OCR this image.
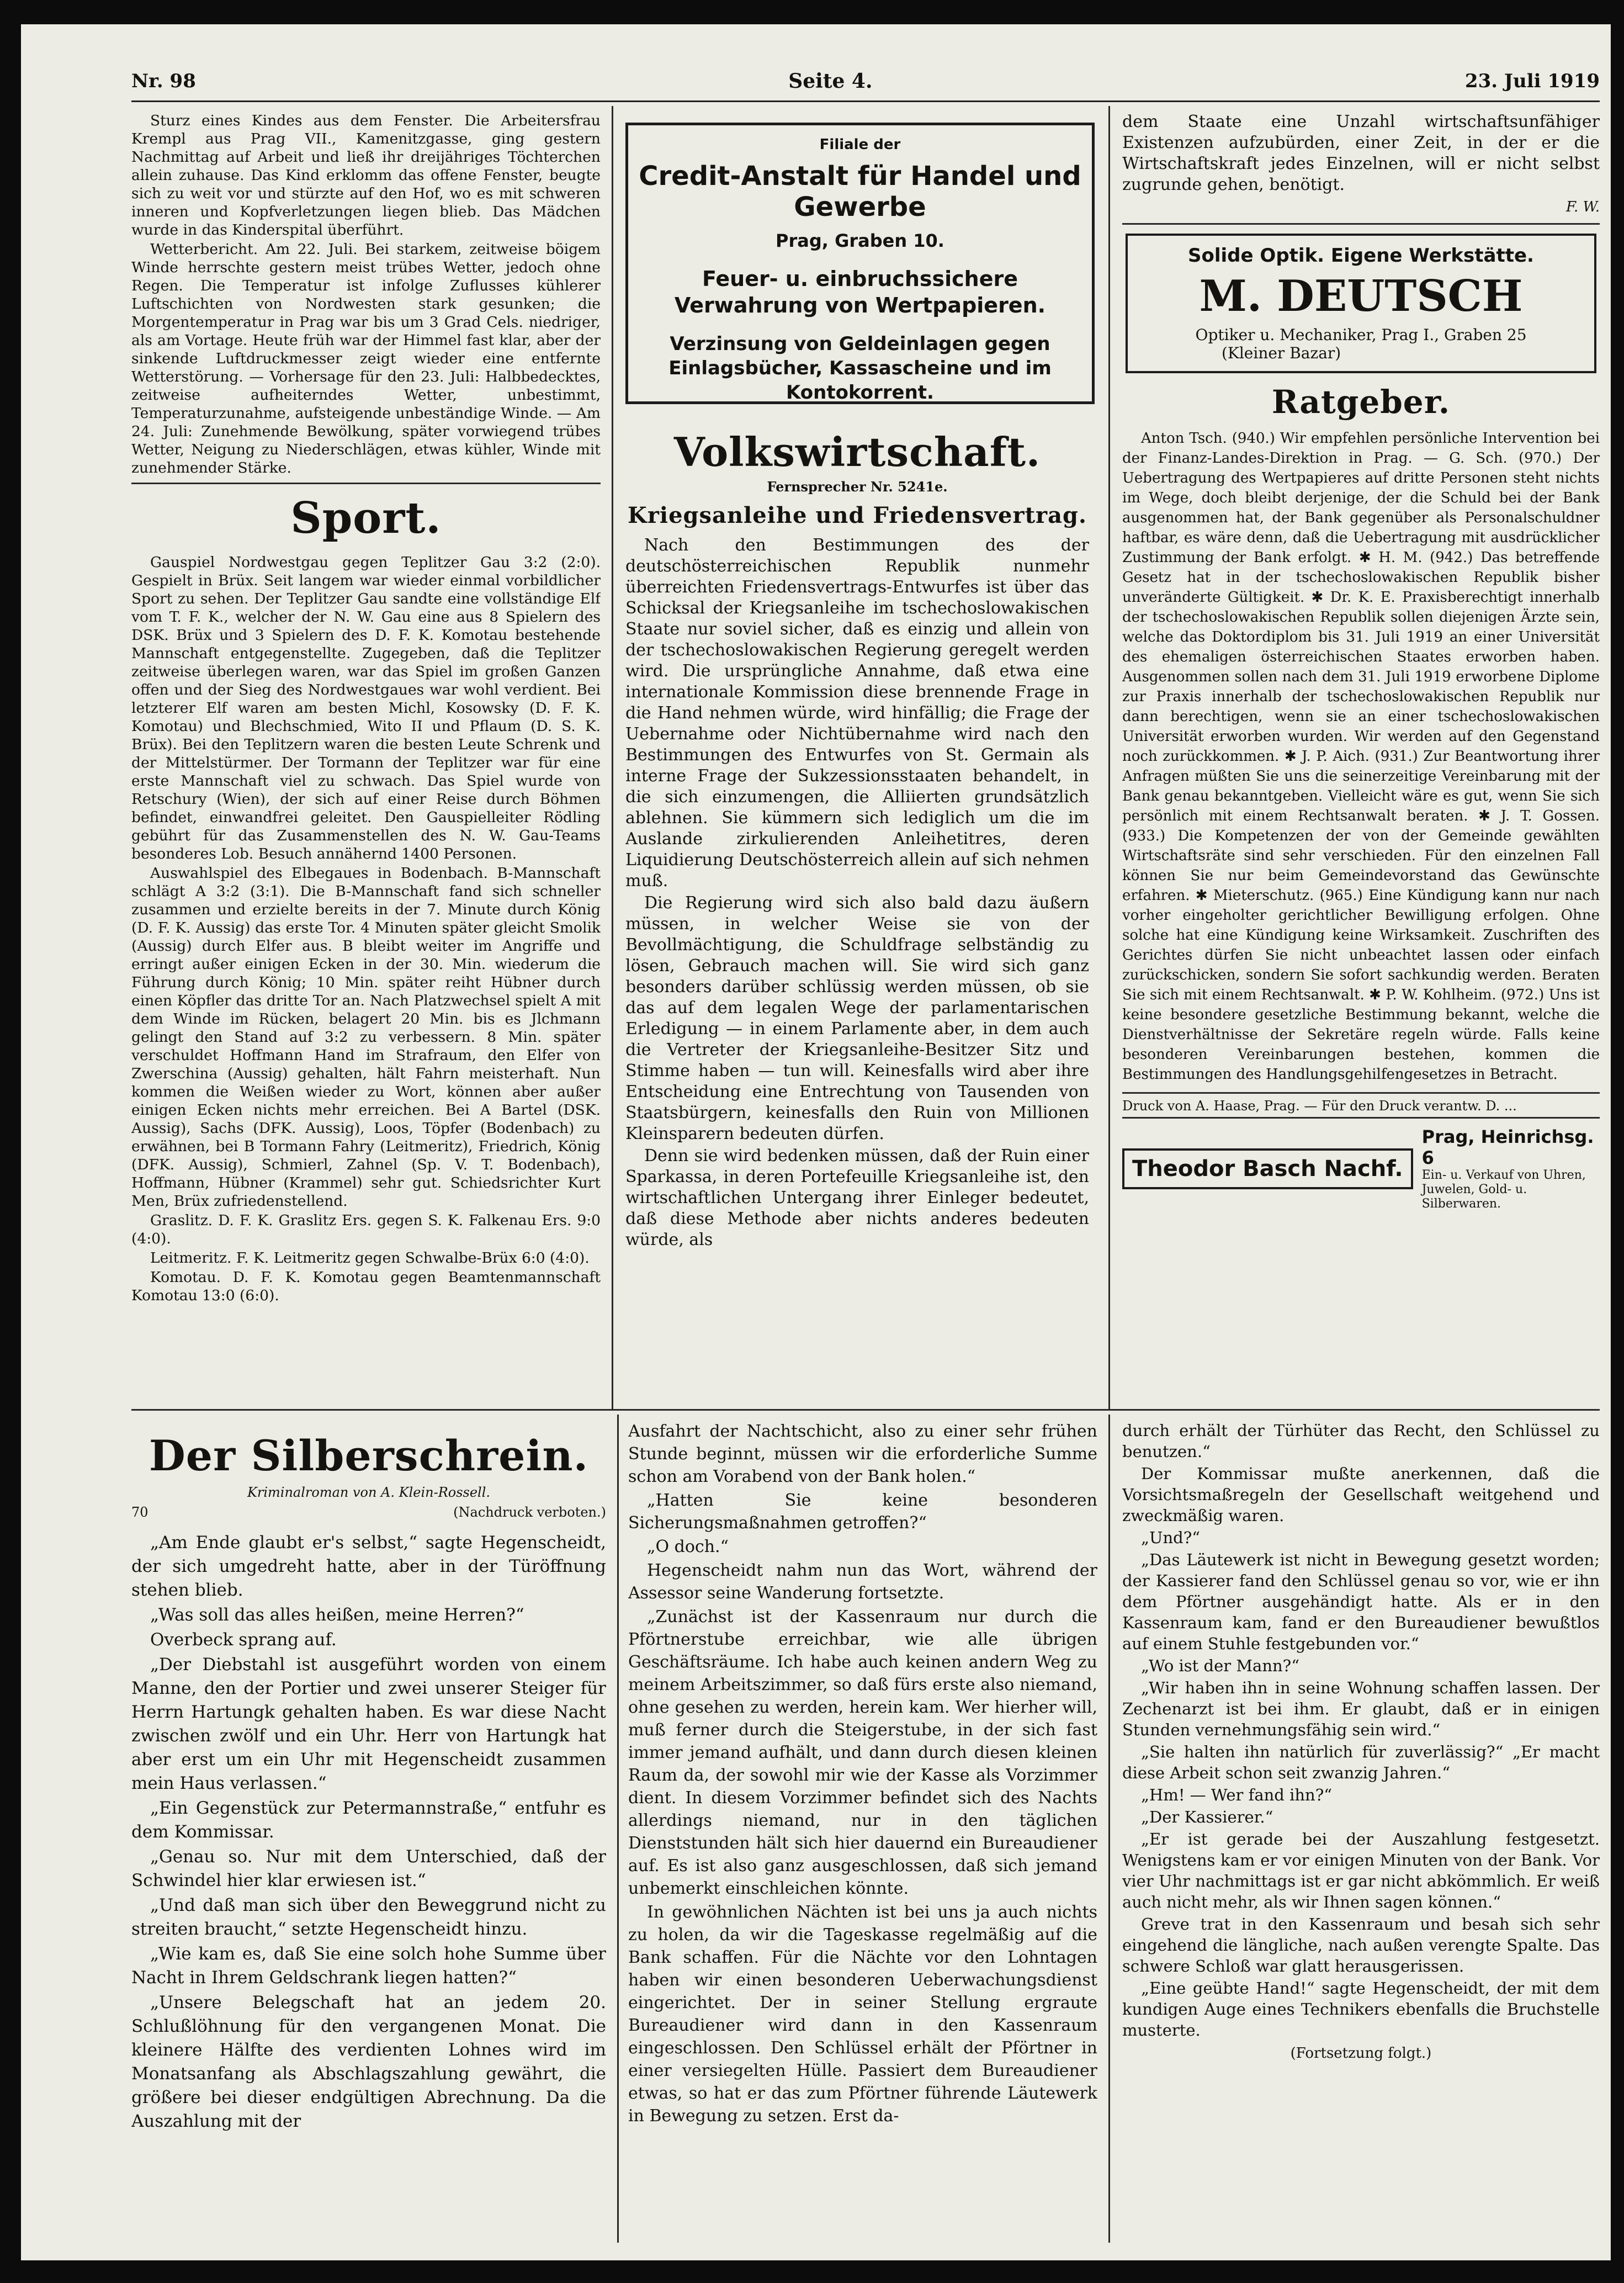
Nr. 98	Seite 4.	23. Juli 1919

Sturz eines Kindes aus dem Fenster. Die Arbeitersfrau Krempl aus Prag VII., Kamenitzgasse, ging gestern Nachmittag auf Arbeit und ließ ihr dreijähriges Töchterchen allein zuhause. Das Kind erklomm das offene Fenster, beugte sich zu weit vor und stürzte auf den Hof, wo es mit schweren inneren und Kopfverletzungen liegen blieb. Das Mädchen wurde in das Kinderspital überführt.

Wetterbericht. Am 22. Juli. Bei starkem, zeitweise böigem Winde herrschte gestern meist trübes Wetter, jedoch ohne Regen. Die Temperatur ist infolge Zuflusses kühlerer Luftschichten von Nordwesten stark gesunken; die Morgentemperatur in Prag war bis um 3 Grad Cels. niedriger, als am Vortage. Heute früh war der Himmel fast klar, aber der sinkende Luftdruckmesser zeigt wieder eine entfernte Wetterstörung. — Vorhersage für den 23. Juli: Halbbedecktes, zeitweise aufheiterndes Wetter, unbestimmt, Temperaturzunahme, aufsteigende unbeständige Winde. — Am 24. Juli: Zunehmende Bewölkung, später vorwiegend trübes Wetter, Neigung zu Niederschlägen, etwas kühler, Winde mit zunehmender Stärke.

Sport.

Gauspiel Nordwestgau gegen Teplitzer Gau 3:2 (2:0). Gespielt in Brüx. Seit langem war wieder einmal vorbildlicher Sport zu sehen. Der Teplitzer Gau sandte eine vollständige Elf vom T. F. K., welcher der N. W. Gau eine aus 8 Spielern des DSK. Brüx und 3 Spielern des D. F. K. Komotau bestehende Mannschaft entgegenstellte. Zugegeben, daß die Teplitzer zeitweise überlegen waren, war das Spiel im großen Ganzen offen und der Sieg des Nordwestgaues war wohl verdient. Bei letzterer Elf waren am besten Michl, Kosowsky (D. F. K. Komotau) und Blechschmied, Wito II und Pflaum (D. S. K. Brüx). Bei den Teplitzern waren die besten Leute Schrenk und der Mittelstürmer. Der Tormann der Teplitzer war für eine erste Mannschaft viel zu schwach. Das Spiel wurde von Retschury (Wien), der sich auf einer Reise durch Böhmen befindet, einwandfrei geleitet. Den Gauspielleiter Rödling gebührt für das Zusammenstellen des N. W. Gau-Teams besonderes Lob. Besuch annähernd 1400 Personen.

Auswahlspiel des Elbegaues in Bodenbach. B-Mannschaft schlägt A 3:2 (3:1). Die B-Mannschaft fand sich schneller zusammen und erzielte bereits in der 7. Minute durch König (D. F. K. Aussig) das erste Tor. 4 Minuten später gleicht Smolik (Aussig) durch Elfer aus. B bleibt weiter im Angriffe und erringt außer einigen Ecken in der 30. Min. wiederum die Führung durch König; 10 Min. später reiht Hübner durch einen Köpfler das dritte Tor an. Nach Platzwechsel spielt A mit dem Winde im Rücken, belagert 20 Min. bis es Jlchmann gelingt den Stand auf 3:2 zu verbessern. 8 Min. später verschuldet Hoffmann Hand im Strafraum, den Elfer von Zwerschina (Aussig) gehalten, hält Fahrn meisterhaft. Nun kommen die Weißen wieder zu Wort, können aber außer einigen Ecken nichts mehr erreichen. Bei A Bartel (DSK. Aussig), Sachs (DFK. Aussig), Loos, Töpfer (Bodenbach) zu erwähnen, bei B Tormann Fahry (Leitmeritz), Friedrich, König (DFK. Aussig), Schmierl, Zahnel (Sp. V. T. Bodenbach), Hoffmann, Hübner (Krammel) sehr gut. Schiedsrichter Kurt Men, Brüx zufriedenstellend.

Graslitz. D. F. K. Graslitz Ers. gegen S. K. Falkenau Ers. 9:0 (4:0).

Leitmeritz. F. K. Leitmeritz gegen Schwalbe-Brüx 6:0 (4:0).

Komotau. D. F. K. Komotau gegen Beamtenmannschaft Komotau 13:0 (6:0).

Filiale der
Credit-Anstalt für Handel und Gewerbe
Prag, Graben 10.
Feuer- u. einbruchssichere Verwahrung von Wertpapieren.
Verzinsung von Geldeinlagen gegen Einlagsbücher, Kassascheine und im Kontokorrent.
Volkswirtschaft.
Fernsprecher Nr. 5241e.
Kriegsanleihe und Friedensvertrag.

Nach den Bestimmungen des der deutschösterreichischen Republik nunmehr überreichten Friedensvertrags-Entwurfes ist über das Schicksal der Kriegsanleihe im tschechoslowakischen Staate nur soviel sicher, daß es einzig und allein von der tschechoslowakischen Regierung geregelt werden wird. Die ursprüngliche Annahme, daß etwa eine internationale Kommission diese brennende Frage in die Hand nehmen würde, wird hinfällig; die Frage der Uebernahme oder Nichtübernahme wird nach den Bestimmungen des Entwurfes von St. Germain als interne Frage der Sukzessionsstaaten behandelt, in die sich einzumengen, die Alliierten grundsätzlich ablehnen. Sie kümmern sich lediglich um die im Auslande zirkulierenden Anleihetitres, deren Liquidierung Deutschösterreich allein auf sich nehmen muß.

Die Regierung wird sich also bald dazu äußern müssen, in welcher Weise sie von der Bevollmächtigung, die Schuldfrage selbständig zu lösen, Gebrauch machen will. Sie wird sich ganz besonders darüber schlüssig werden müssen, ob sie das auf dem legalen Wege der parlamentarischen Erledigung — in einem Parlamente aber, in dem auch die Vertreter der Kriegsanleihe-Besitzer Sitz und Stimme haben — tun will. Keinesfalls wird aber ihre Entscheidung eine Entrechtung von Tausenden von Staatsbürgern, keinesfalls den Ruin von Millionen Kleinsparern bedeuten dürfen.

Denn sie wird bedenken müssen, daß der Ruin einer Sparkassa, in deren Portefeuille Kriegsanleihe ist, den wirtschaftlichen Untergang ihrer Einleger bedeutet, daß diese Methode aber nichts anderes bedeuten würde, als

dem Staate eine Unzahl wirtschaftsunfähiger Existenzen aufzubürden, einer Zeit, in der er die Wirtschaftskraft jedes Einzelnen, will er nicht selbst zugrunde gehen, benötigt.

F. W.
Solide Optik. Eigene Werkstätte.
M. DEUTSCH
Optiker u. Mechaniker, Prag I., Graben 25
(Kleiner Bazar)
Ratgeber.

Anton Tsch. (940.) Wir empfehlen persönliche Intervention bei der Finanz-Landes-Direktion in Prag. — G. Sch. (970.) Der Uebertragung des Wertpapieres auf dritte Personen steht nichts im Wege, doch bleibt derjenige, der die Schuld bei der Bank ausgenommen hat, der Bank gegenüber als Personalschuldner haftbar, es wäre denn, daß die Uebertragung mit ausdrücklicher Zustimmung der Bank erfolgt. ✱ H. M. (942.) Das betreffende Gesetz hat in der tschechoslowakischen Republik bisher unveränderte Gültigkeit. ✱ Dr. K. E. Praxisberechtigt innerhalb der tschechoslowakischen Republik sollen diejenigen Ärzte sein, welche das Doktordiplom bis 31. Juli 1919 an einer Universität des ehemaligen österreichischen Staates erworben haben. Ausgenommen sollen nach dem 31. Juli 1919 erworbene Diplome zur Praxis innerhalb der tschechoslowakischen Republik nur dann berechtigen, wenn sie an einer tschechoslowakischen Universität erworben wurden. Wir werden auf den Gegenstand noch zurückkommen. ✱ J. P. Aich. (931.) Zur Beantwortung ihrer Anfragen müßten Sie uns die seinerzeitige Vereinbarung mit der Bank genau bekanntgeben. Vielleicht wäre es gut, wenn Sie sich persönlich mit einem Rechtsanwalt beraten. ✱ J. T. Gossen. (933.) Die Kompetenzen der von der Gemeinde gewählten Wirtschaftsräte sind sehr verschieden. Für den einzelnen Fall können Sie nur beim Gemeindevorstand das Gewünschte erfahren. ✱ Mieterschutz. (965.) Eine Kündigung kann nur nach vorher eingeholter gerichtlicher Bewilligung erfolgen. Ohne solche hat eine Kündigung keine Wirksamkeit. Zuschriften des Gerichtes dürfen Sie nicht unbeachtet lassen oder einfach zurückschicken, sondern Sie sofort sachkundig werden. Beraten Sie sich mit einem Rechtsanwalt. ✱ P. W. Kohlheim. (972.) Uns ist keine besondere gesetzliche Bestimmung bekannt, welche die Dienstverhältnisse der Sekretäre regeln würde. Falls keine besonderen Vereinbarungen bestehen, kommen die Bestimmungen des Handlungsgehilfengesetzes in Betracht.

Druck von A. Haase, Prag. — Für den Druck verantw. D. ...
Theodor Basch Nachf.
Prag, Heinrichsg. 6
Ein- u. Verkauf von Uhren, Juwelen, Gold- u. Silberwaren.
Der Silberschrein.
Kriminalroman von A. Klein-Rossell.
70	(Nachdruck verboten.)

„Am Ende glaubt er's selbst,“ sagte Hegenscheidt, der sich umgedreht hatte, aber in der Türöffnung stehen blieb.

„Was soll das alles heißen, meine Herren?“

Overbeck sprang auf.

„Der Diebstahl ist ausgeführt worden von einem Manne, den der Portier und zwei unserer Steiger für Herrn Hartungk gehalten haben. Es war diese Nacht zwischen zwölf und ein Uhr. Herr von Hartungk hat aber erst um ein Uhr mit Hegenscheidt zusammen mein Haus verlassen.“

„Ein Gegenstück zur Petermannstraße,“ entfuhr es dem Kommissar.

„Genau so. Nur mit dem Unterschied, daß der Schwindel hier klar erwiesen ist.“

„Und daß man sich über den Beweggrund nicht zu streiten braucht,“ setzte Hegenscheidt hinzu.

„Wie kam es, daß Sie eine solch hohe Summe über Nacht in Ihrem Geldschrank liegen hatten?“

„Unsere Belegschaft hat an jedem 20. Schlußlöhnung für den vergangenen Monat. Die kleinere Hälfte des verdienten Lohnes wird im Monatsanfang als Abschlagszahlung gewährt, die größere bei dieser endgültigen Abrechnung. Da die Auszahlung mit der

Ausfahrt der Nachtschicht, also zu einer sehr frühen Stunde beginnt, müssen wir die erforderliche Summe schon am Vorabend von der Bank holen.“

„Hatten Sie keine besonderen Sicherungsmaßnahmen getroffen?“

„O doch.“

Hegenscheidt nahm nun das Wort, während der Assessor seine Wanderung fortsetzte.

„Zunächst ist der Kassenraum nur durch die Pförtnerstube erreichbar, wie alle übrigen Geschäftsräume. Ich habe auch keinen andern Weg zu meinem Arbeitszimmer, so daß fürs erste also niemand, ohne gesehen zu werden, herein kam. Wer hierher will, muß ferner durch die Steigerstube, in der sich fast immer jemand aufhält, und dann durch diesen kleinen Raum da, der sowohl mir wie der Kasse als Vorzimmer dient. In diesem Vorzimmer befindet sich des Nachts allerdings niemand, nur in den täglichen Dienststunden hält sich hier dauernd ein Bureaudiener auf. Es ist also ganz ausgeschlossen, daß sich jemand unbemerkt einschleichen könnte.

In gewöhnlichen Nächten ist bei uns ja auch nichts zu holen, da wir die Tageskasse regelmäßig auf die Bank schaffen. Für die Nächte vor den Lohntagen haben wir einen besonderen Ueberwachungsdienst eingerichtet. Der in seiner Stellung ergraute Bureaudiener wird dann in den Kassenraum eingeschlossen. Den Schlüssel erhält der Pförtner in einer versiegelten Hülle. Passiert dem Bureaudiener etwas, so hat er das zum Pförtner führende Läutewerk in Bewegung zu setzen. Erst da-

durch erhält der Türhüter das Recht, den Schlüssel zu benutzen.“

Der Kommissar mußte anerkennen, daß die Vorsichtsmaßregeln der Gesellschaft weitgehend und zweckmäßig waren.

„Und?“

„Das Läutewerk ist nicht in Bewegung gesetzt worden; der Kassierer fand den Schlüssel genau so vor, wie er ihn dem Pförtner ausgehändigt hatte. Als er in den Kassenraum kam, fand er den Bureaudiener bewußtlos auf einem Stuhle festgebunden vor.“

„Wo ist der Mann?“

„Wir haben ihn in seine Wohnung schaffen lassen. Der Zechenarzt ist bei ihm. Er glaubt, daß er in einigen Stunden vernehmungsfähig sein wird.“

„Sie halten ihn natürlich für zuverlässig?“ „Er macht diese Arbeit schon seit zwanzig Jahren.“

„Hm! — Wer fand ihn?“

„Der Kassierer.“

„Er ist gerade bei der Auszahlung festgesetzt. Wenigstens kam er vor einigen Minuten von der Bank. Vor vier Uhr nachmittags ist er gar nicht abkömmlich. Er weiß auch nicht mehr, als wir Ihnen sagen können.“

Greve trat in den Kassenraum und besah sich sehr eingehend die längliche, nach außen verengte Spalte. Das schwere Schloß war glatt herausgerissen.

„Eine geübte Hand!“ sagte Hegenscheidt, der mit dem kundigen Auge eines Technikers ebenfalls die Bruchstelle musterte.

(Fortsetzung folgt.)
